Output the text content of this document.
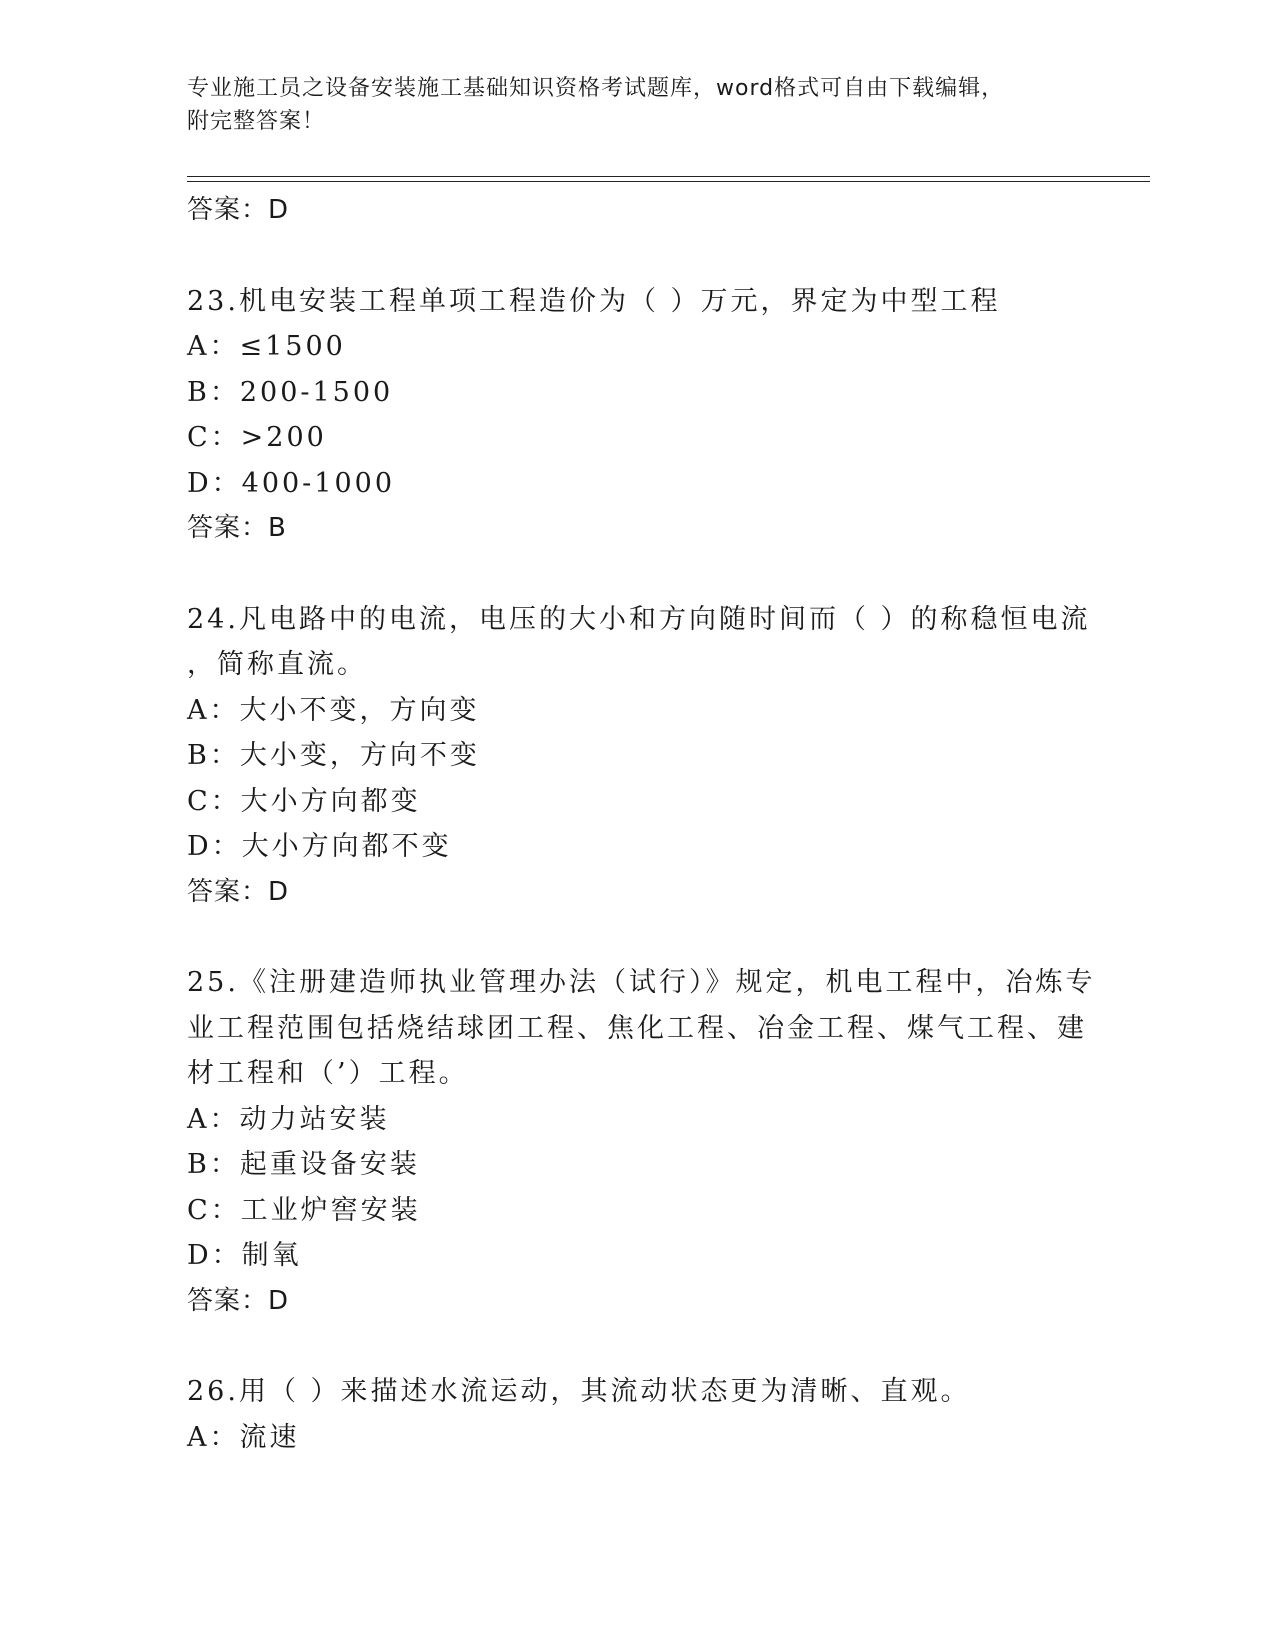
专业施工员之设备安装施工基础知识资格考试题库，word格式可自由下载编辑，
附完整答案！
答案：D
23.机电安装工程单项工程造价为（ ）万元，界定为中型工程
A：≤1500
B：200-1500
C：>200
D：400-1000
答案：B
24.凡电路中的电流，电压的大小和方向随时间而（ ）的称稳恒电流
，简称直流。
A：大小不变，方向变
B：大小变，方向不变
C：大小方向都变
D：大小方向都不变
答案：D
25.《注册建造师执业管理办法（试行）》规定，机电工程中，冶炼专
业工程范围包括烧结球团工程、焦化工程、冶金工程、煤气工程、建
材工程和（’）工程。
A：动力站安装
B：起重设备安装
C：工业炉窖安装
D：制氧
答案：D
26.用（ ）来描述水流运动，其流动状态更为清晰、直观。
A：流速
